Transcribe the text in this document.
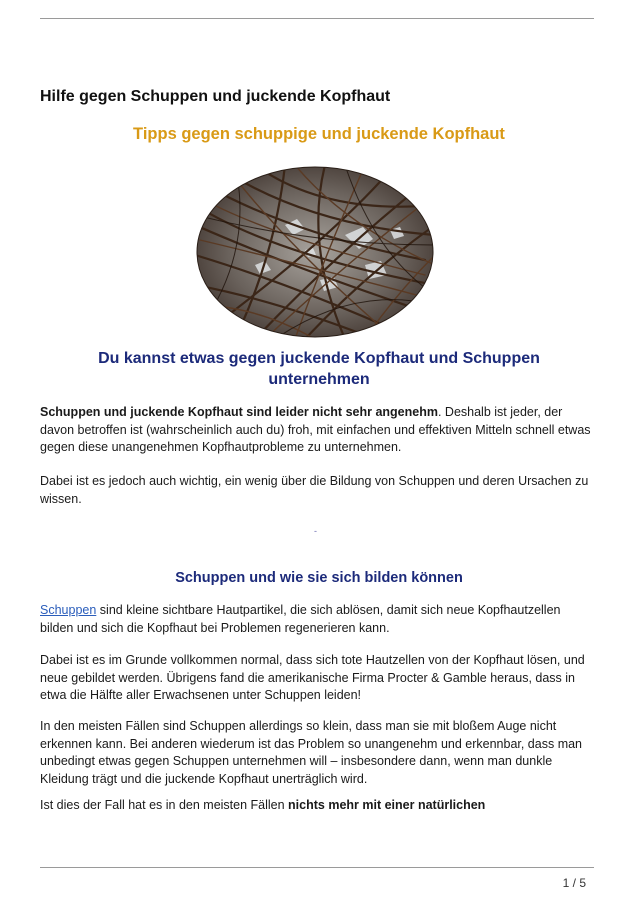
Hilfe gegen Schuppen und juckende Kopfhaut
Tipps gegen schuppige und juckende Kopfhaut
Du kannst etwas gegen juckende Kopfhaut und Schuppen unternehmen
Schuppen und juckende Kopfhaut sind leider nicht sehr angenehm. Deshalb ist jeder, der davon betroffen ist (wahrscheinlich auch du) froh, mit einfachen und effektiven Mitteln schnell etwas gegen diese unangenehmen Kopfhautprobleme zu unternehmen.
Dabei ist es jedoch auch wichtig, ein wenig über die Bildung von Schuppen und deren Ursachen zu wissen.
-
Schuppen und wie sie sich bilden können
Schuppen sind kleine sichtbare Hautpartikel, die sich ablösen, damit sich neue Kopfhautzellen bilden und sich die Kopfhaut bei Problemen regenerieren kann.
Dabei ist es im Grunde vollkommen normal, dass sich tote Hautzellen von der Kopfhaut lösen, und neue gebildet werden. Übrigens fand die amerikanische Firma Procter & Gamble heraus, dass in etwa die Hälfte aller Erwachsenen unter Schuppen leiden!
In den meisten Fällen sind Schuppen allerdings so klein, dass man sie mit bloßem Auge nicht erkennen kann. Bei anderen wiederum ist das Problem so unangenehm und erkennbar, dass man unbedingt etwas gegen Schuppen unternehmen will – insbesondere dann, wenn man dunkle Kleidung trägt und die juckende Kopfhaut unerträglich wird.
Ist dies der Fall hat es in den meisten Fällen nichts mehr mit einer natürlichen
1 / 5
